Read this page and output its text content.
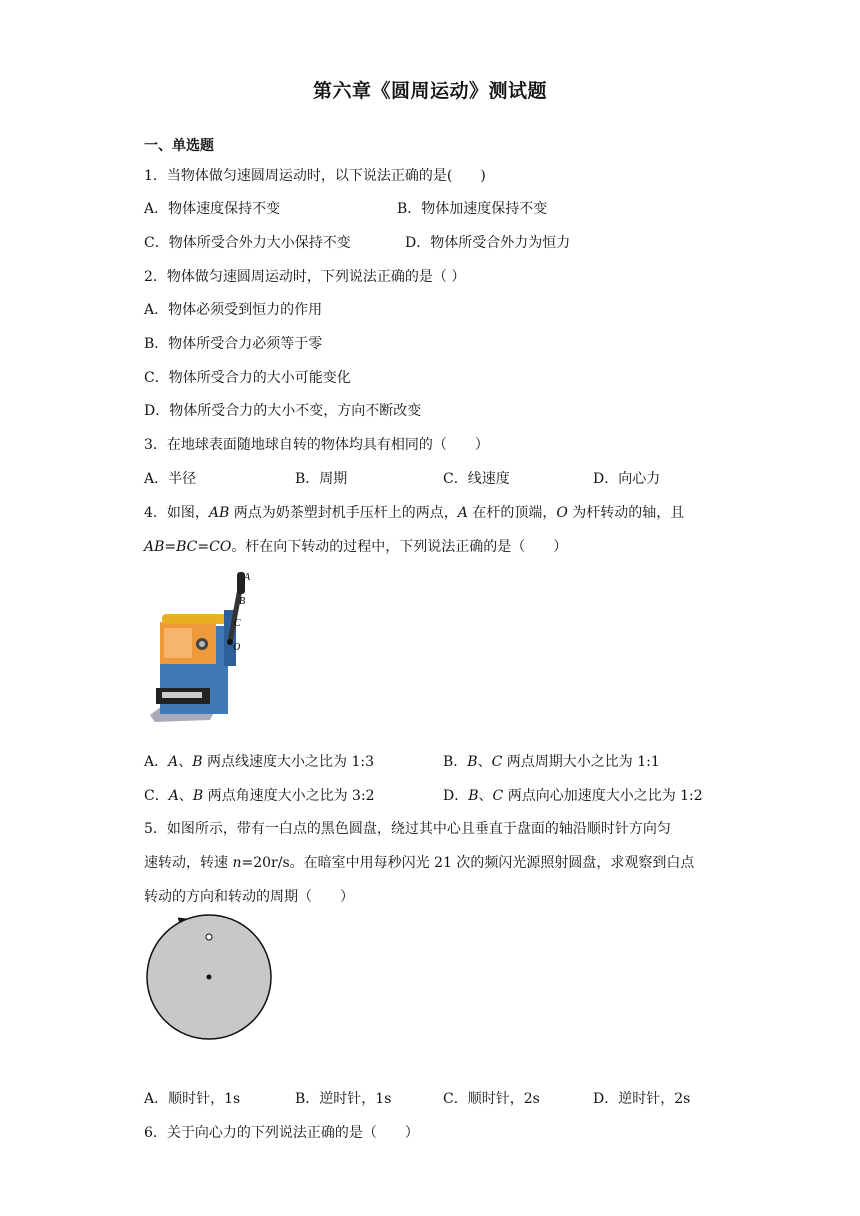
第六章《圆周运动》测试题
一、单选题
1．当物体做匀速圆周运动时，以下说法正确的是(　　)
A．物体速度保持不变	B．物体加速度保持不变
C．物体所受合外力大小保持不变	D．物体所受合外力为恒力
2．物体做匀速圆周运动时，下列说法正确的是（ ）
A．物体必须受到恒力的作用
B．物体所受合力必须等于零
C．物体所受合力的大小可能变化
D．物体所受合力的大小不变，方向不断改变
3．在地球表面随地球自转的物体均具有相同的（　　）
A．半径	B．周期	C．线速度	D．向心力
4．如图，AB 两点为奶茶塑封机手压杆上的两点，A 在杆的顶端，O 为杆转动的轴，且
AB=BC=CO。杆在向下转动的过程中，下列说法正确的是（　　）
A
B
C
O
A．A、B 两点线速度大小之比为 1:3	B．B、C 两点周期大小之比为 1:1
C．A、B 两点角速度大小之比为 3:2	D．B、C 两点向心加速度大小之比为 1:2
5．如图所示，带有一白点的黑色圆盘，绕过其中心且垂直于盘面的轴沿顺时针方向匀
速转动，转速 n=20r/s。在暗室中用每秒闪光 21 次的频闪光源照射圆盘，求观察到白点
转动的方向和转动的周期（　　）
A．顺时针，1s	B．逆时针，1s	C．顺时针，2s	D．逆时针，2s
6．关于向心力的下列说法正确的是（　　）
